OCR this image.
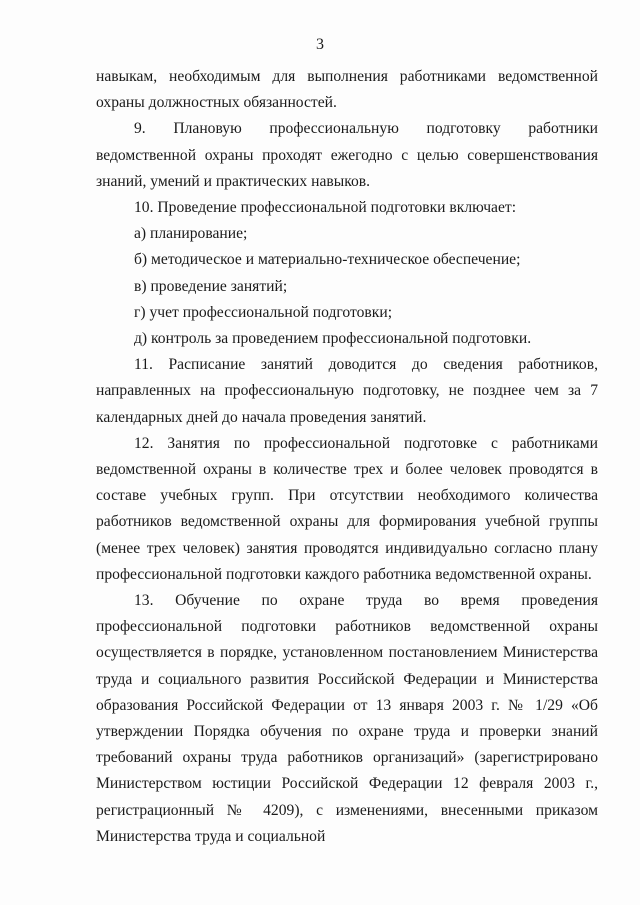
3

навыкам, необходимым для выполнения работниками ведомственной охраны должностных обязанностей.

9. Плановую профессиональную подготовку работники ведомственной охраны проходят ежегодно с целью совершенствования знаний, умений и практических навыков.

10. Проведение профессиональной подготовки включает:

а) планирование;

б) методическое и материально-техническое обеспечение;

в) проведение занятий;

г) учет профессиональной подготовки;

д) контроль за проведением профессиональной подготовки.

11. Расписание занятий доводится до сведения работников, направленных на профессиональную подготовку, не позднее чем за 7 календарных дней до начала проведения занятий.

12. Занятия по профессиональной подготовке с работниками ведомственной охраны в количестве трех и более человек проводятся в составе учебных групп. При отсутствии необходимого количества работников ведомственной охраны для формирования учебной группы (менее трех человек) занятия проводятся индивидуально согласно плану профессиональной подготовки каждого работника ведомственной охраны.

13. Обучение по охране труда во время проведения профессиональной подготовки работников ведомственной охраны осуществляется в порядке, установленном постановлением Министерства труда и социального развития Российской Федерации и Министерства образования Российской Федерации от 13 января 2003 г. № 1/29 «Об утверждении Порядка обучения по охране труда и проверки знаний требований охраны труда работников организаций» (зарегистрировано Министерством юстиции Российской Федерации 12 февраля 2003 г., регистрационный № 4209), с изменениями, внесенными приказом Министерства труда и социальной
